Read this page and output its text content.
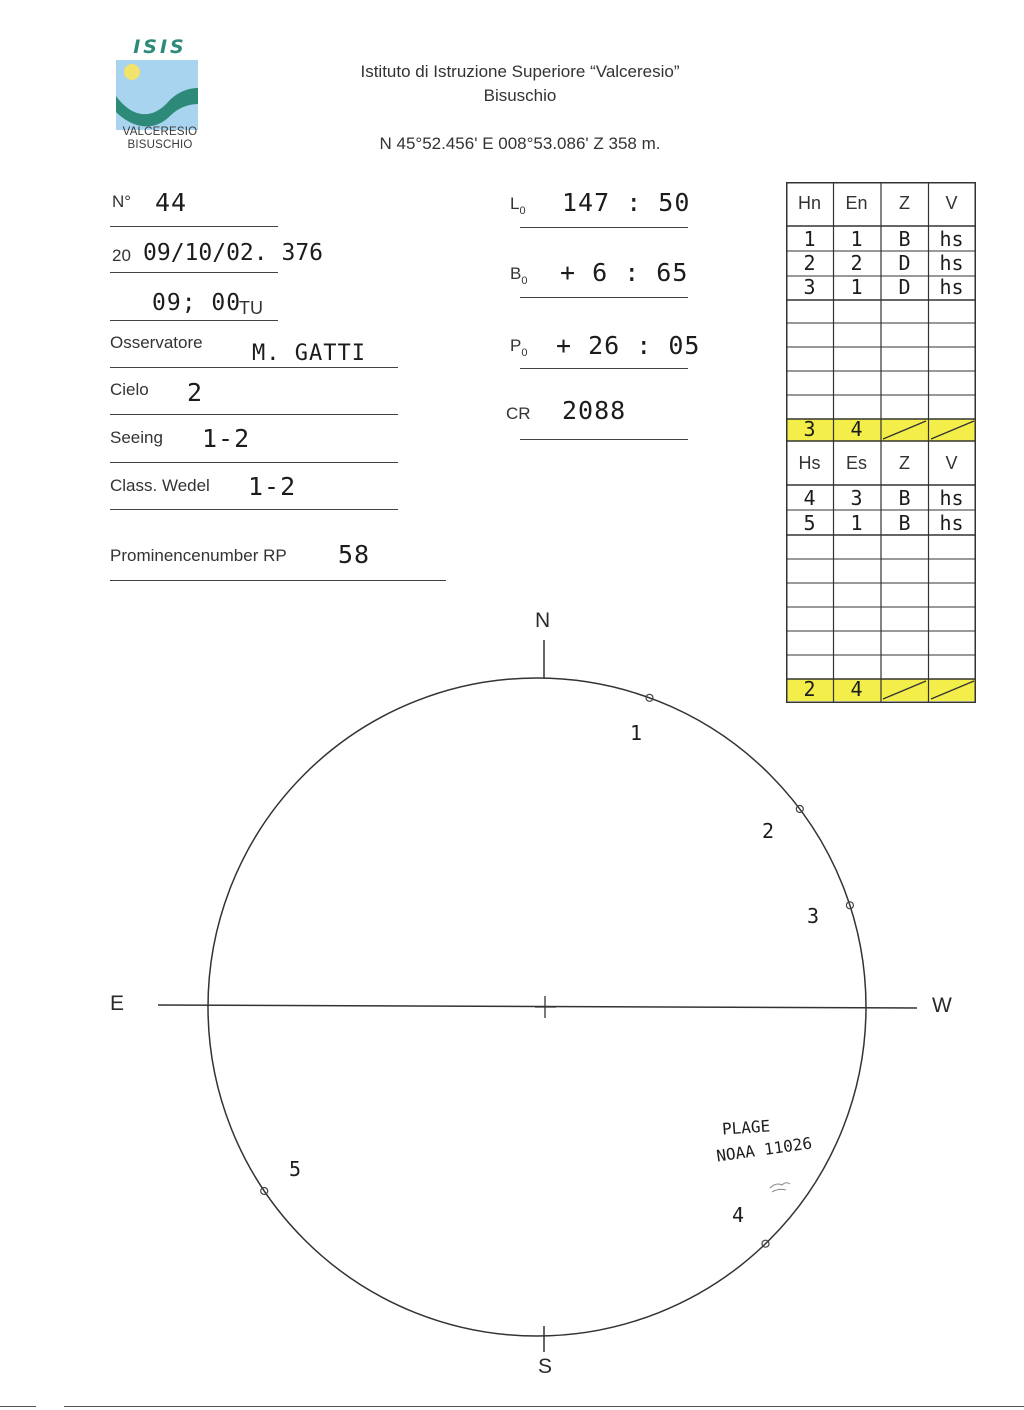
ISIS
VALCERESIO
BISUSCHIO
Istituto di Istruzione Superiore “Valceresio”
Bisuschio
N 45°52.456' E 008°53.086' Z 358 m.
N° 44
20 09/10/02. 376
09; 00
TU
Osservatore M. GATTI
Cielo 2
Seeing 1-2
Class. Wedel 1-2
Prominencenumber RP 58
$L_0$ 147 : 50
$B_0 + 6$ : 65
$P_0 + 26$ : 05
CR 2088
Hn	En	Z	V
1	1	B	hs
2	2	D	hs
3	1	D	hs
3	4
Hs	Es	Z	V
4	3	B	hs
5	1	B	hs
2	4
N
S
E	W
1
2
3
4
5
PLAGE
NOAA 11026
